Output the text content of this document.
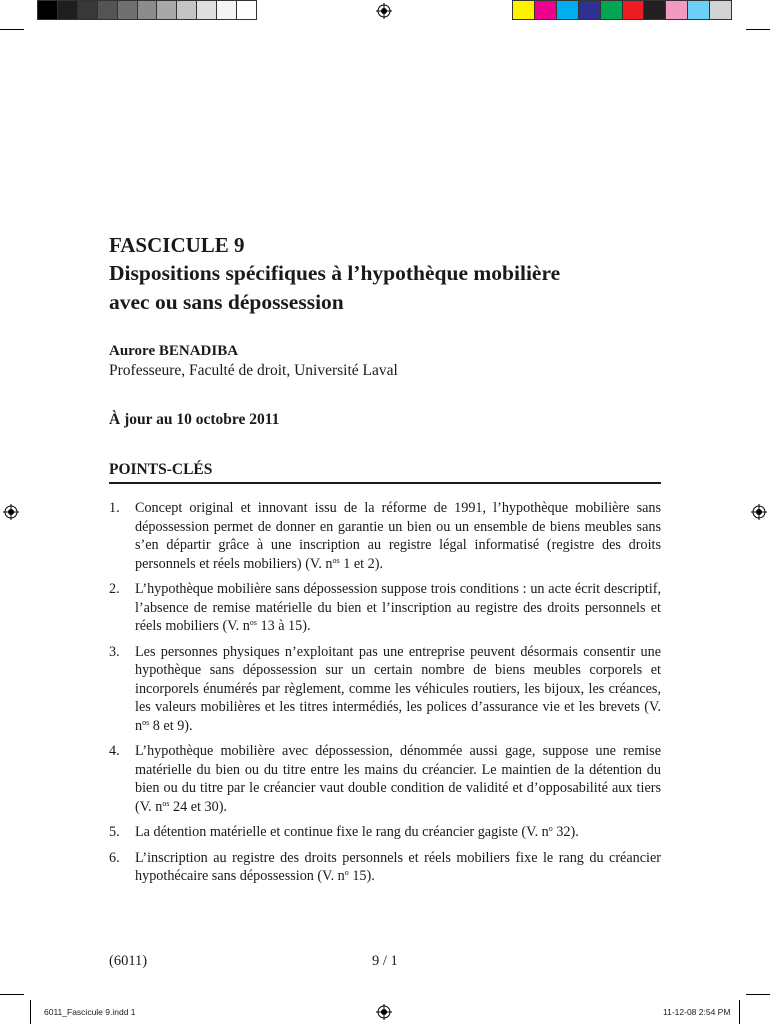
FASCICULE 9
Dispositions spécifiques à l’hypothèque mobilière
avec ou sans dépossession
Aurore BENADIBA
Professeure, Faculté de droit, Université Laval
À jour au 10 octobre 2011
POINTS-CLÉS
1.	Concept original et innovant issu de la réforme de 1991, l’hypothèque mobilière sans dépossession permet de donner en garantie un bien ou un ensemble de biens meubles sans s’en départir grâce à une inscription au registre légal informatisé (registre des droits personnels et réels mobiliers) (V. $n^{os}$ 1 et 2).
2.	L’hypothèque mobilière sans dépossession suppose trois conditions : un acte écrit descriptif, l’absence de remise matérielle du bien et l’inscription au registre des droits personnels et réels mobiliers (V. $n^{os}$ 13 à 15).
3.	Les personnes physiques n’exploitant pas une entreprise peuvent désormais consentir une hypothèque sans dépossession sur un certain nombre de biens meubles corporels et incorporels énumérés par règlement, comme les véhicules routiers, les bijoux, les créances, les valeurs mobilières et les titres intermédiés, les polices d’assurance vie et les brevets (V. $n^{os}$ 8 et 9).
4.	L’hypothèque mobilière avec dépossession, dénommée aussi gage, suppose une remise matérielle du bien ou du titre entre les mains du créancier. Le maintien de la détention du bien ou du titre par le créancier vaut double condition de validité et d’opposabilité aux tiers (V. $n^{os}$ 24 et 30).
5.	La détention matérielle et continue fixe le rang du créancier gagiste (V. $n^o$ 32).
6.	L’inscription au registre des droits personnels et réels mobiliers fixe le rang du créancier hypothécaire sans dépossession (V. $n^o$ 15).
(6011)	9 / 1
6011_Fascicule 9.indd 1	11-12-08 2:54 PM
